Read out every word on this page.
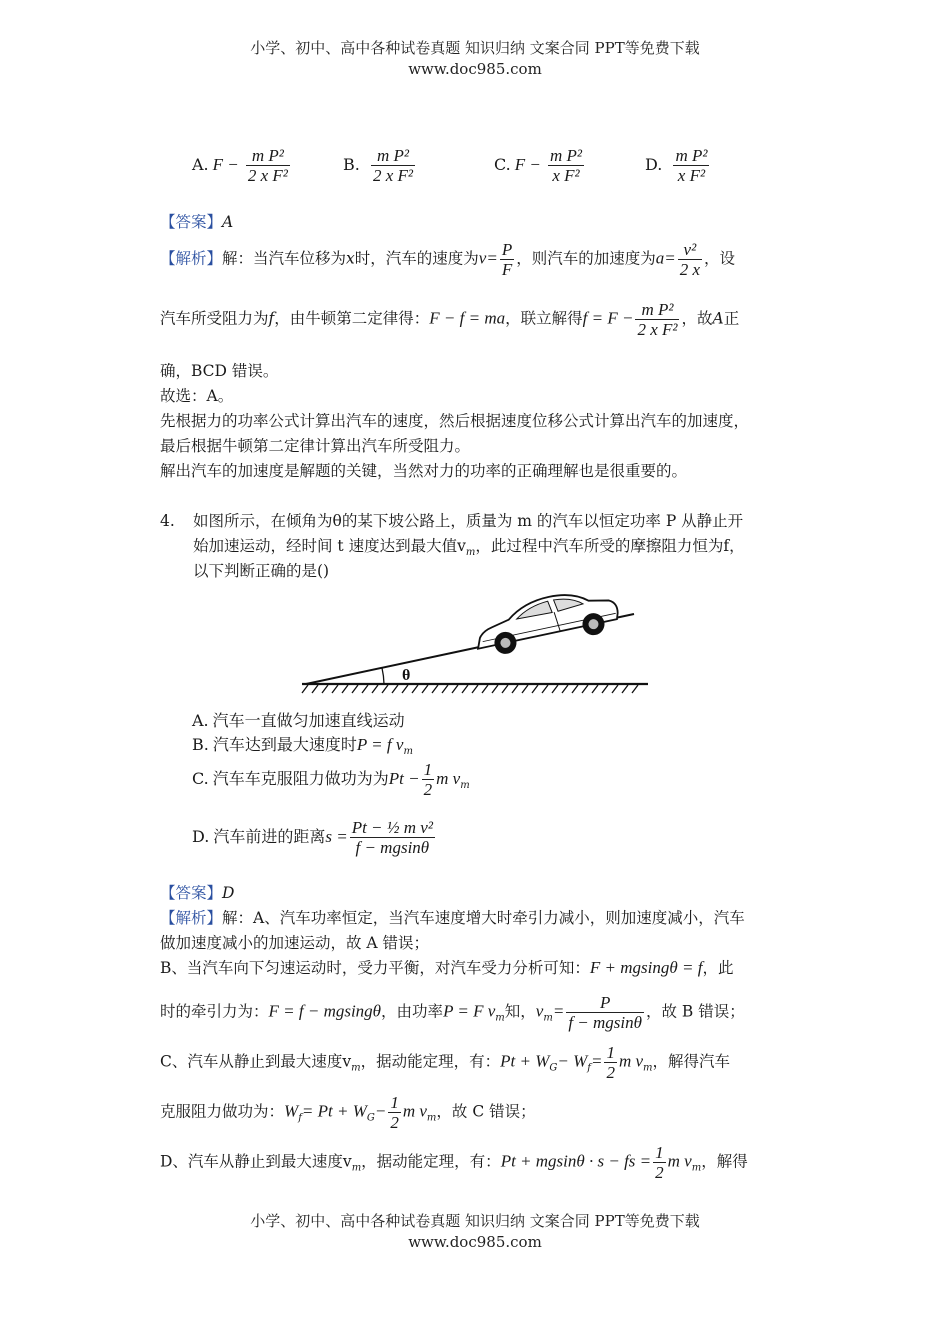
小学、初中、高中各种试卷真题 知识归纳 文案合同 PPT等免费下载
www.doc985.com
A. $F - \frac{\text{m P²}}{\text{2 x F²}}$	B. $\frac{\text{m P²}}{\text{2 x F²}}$	C. $F - \frac{\text{m P²}}{\text{x F²}}$	D. $\frac{\text{m P²}}{\text{x F²}}$
【答案】A
【解析】解：当汽车位移为x时，汽车的速度为$v= \frac{P}{F}$ ，则汽车的加速度为$a= \frac{\text{v²}}{2 x}$ ，设
汽车所受阻力为f，由牛顿第二定律得：F − f = ma，联立解得$f = F - \frac{\text{m P²}}{\text{2 x F²}}$ ，故A正
确，BCD 错误。
故选：A。
先根据力的功率公式计算出汽车的速度，然后根据速度位移公式计算出汽车的加速度，
最后根据牛顿第二定律计算出汽车所受阻力。
解出汽车的加速度是解题的关键，当然对力的功率的正确理解也是很重要的。
4. 如图所示，在倾角为θ的某下坡公路上，质量为 m 的汽车以恒定功率 P 从静止开
始加速运动，经时间 t 速度达到最大值$v_m$，此过程中汽车所受的摩擦阻力恒为f，
以下判断正确的是()
θ
A. 汽车一直做匀加速直线运动
B. 汽车达到最大速度时P = f $v_m$
C. 汽车车克服阻力做功为为$Pt - \frac{1}{2}$ m $v_m$
D. 汽车前进的距离$s = \frac{\text{Pt − ½ m v²}}{f - mgsin\theta}$
【答案】D
【解析】解：A、汽车功率恒定，当汽车速度增大时牵引力减小，则加速度减小，汽车
做加速度减小的加速运动，故 A 错误；
B、当汽车向下匀速运动时，受力平衡，对汽车受力分析可知：F + mgsingθ = f，此
时的牵引力为：F = f − mgsingθ，由功率P = F $v_m$知，$v_m= \frac{P}{f - mgsin\theta}$ ，故 B 错误；
C、汽车从静止到最大速度$v_m$，据动能定理，有：$Pt + W_G- W_f= \frac{1}{2}$ m $v_m$，解得汽车
克服阻力做功为：$W_f= Pt + W_G- \frac{1}{2}$ m $v_m$，故 C 错误；
D、汽车从静止到最大速度$v_m$，据动能定理，有：Pt + mgsinθ · s − fs = $\frac{1}{2}$ m $v_m$，解得
小学、初中、高中各种试卷真题 知识归纳 文案合同 PPT等免费下载
www.doc985.com
